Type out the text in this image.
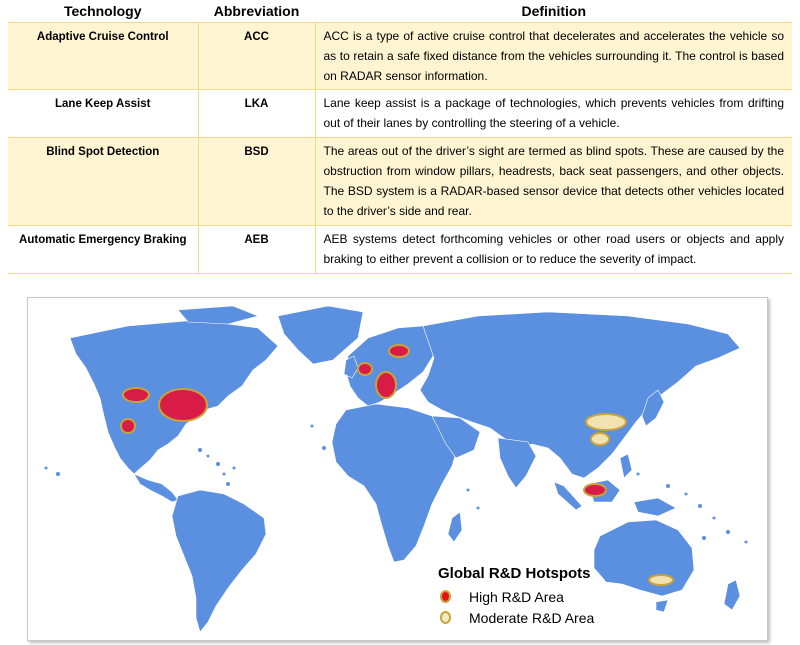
Technology	Abbreviation	Definition
Adaptive Cruise Control	ACC	ACC is a type of active cruise control that decelerates and accelerates the vehicle so as to retain a safe fixed distance from the vehicles surrounding it. The control is based on RADAR sensor information.
Lane Keep Assist	LKA	Lane keep assist is a package of technologies, which prevents vehicles from drifting out of their lanes by controlling the steering of a vehicle.
Blind Spot Detection	BSD	The areas out of the driver’s sight are termed as blind spots. These are caused by the obstruction from window pillars, headrests, back seat passengers, and other objects. The BSD system is a RADAR-based sensor device that detects other vehicles located to the driver’s side and rear.
Automatic Emergency Braking	AEB	AEB systems detect forthcoming vehicles or other road users or objects and apply braking to either prevent a collision or to reduce the severity of impact.
Global R&D Hotspots
High R&D Area
Moderate R&D Area
